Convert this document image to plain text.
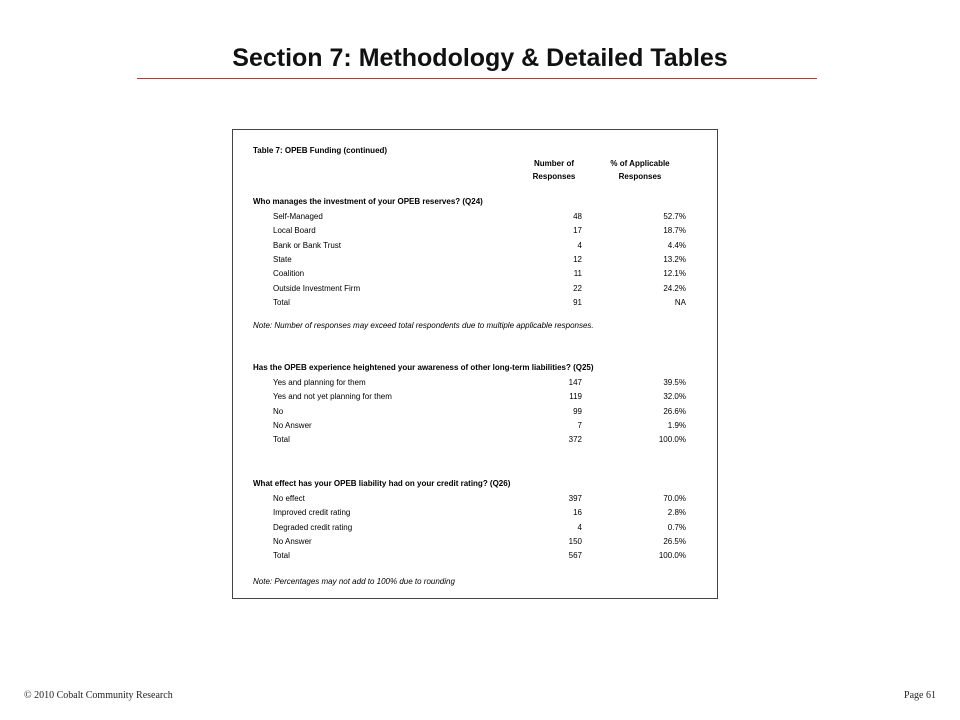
Section 7: Methodology & Detailed Tables
Table 7: OPEB Funding (continued)
Number of
Responses
% of Applicable
Responses
Who manages the investment of your OPEB reserves? (Q24)
Self-Managed	48	52.7%
Local Board	17	18.7%
Bank or Bank Trust	4	4.4%
State	12	13.2%
Coalition	11	12.1%
Outside Investment Firm	22	24.2%
Total	91	NA
Note: Number of responses may exceed total respondents due to multiple applicable responses.
Has the OPEB experience heightened your awareness of other long-term liabilities? (Q25)
Yes and planning for them	147	39.5%
Yes and not yet planning for them	119	32.0%
No	99	26.6%
No Answer	7	1.9%
Total	372	100.0%
What effect has your OPEB liability had on your credit rating? (Q26)
No effect	397	70.0%
Improved credit rating	16	2.8%
Degraded credit rating	4	0.7%
No Answer	150	26.5%
Total	567	100.0%
Note: Percentages may not add to 100% due to rounding
© 2010 Cobalt Community Research	Page 61
